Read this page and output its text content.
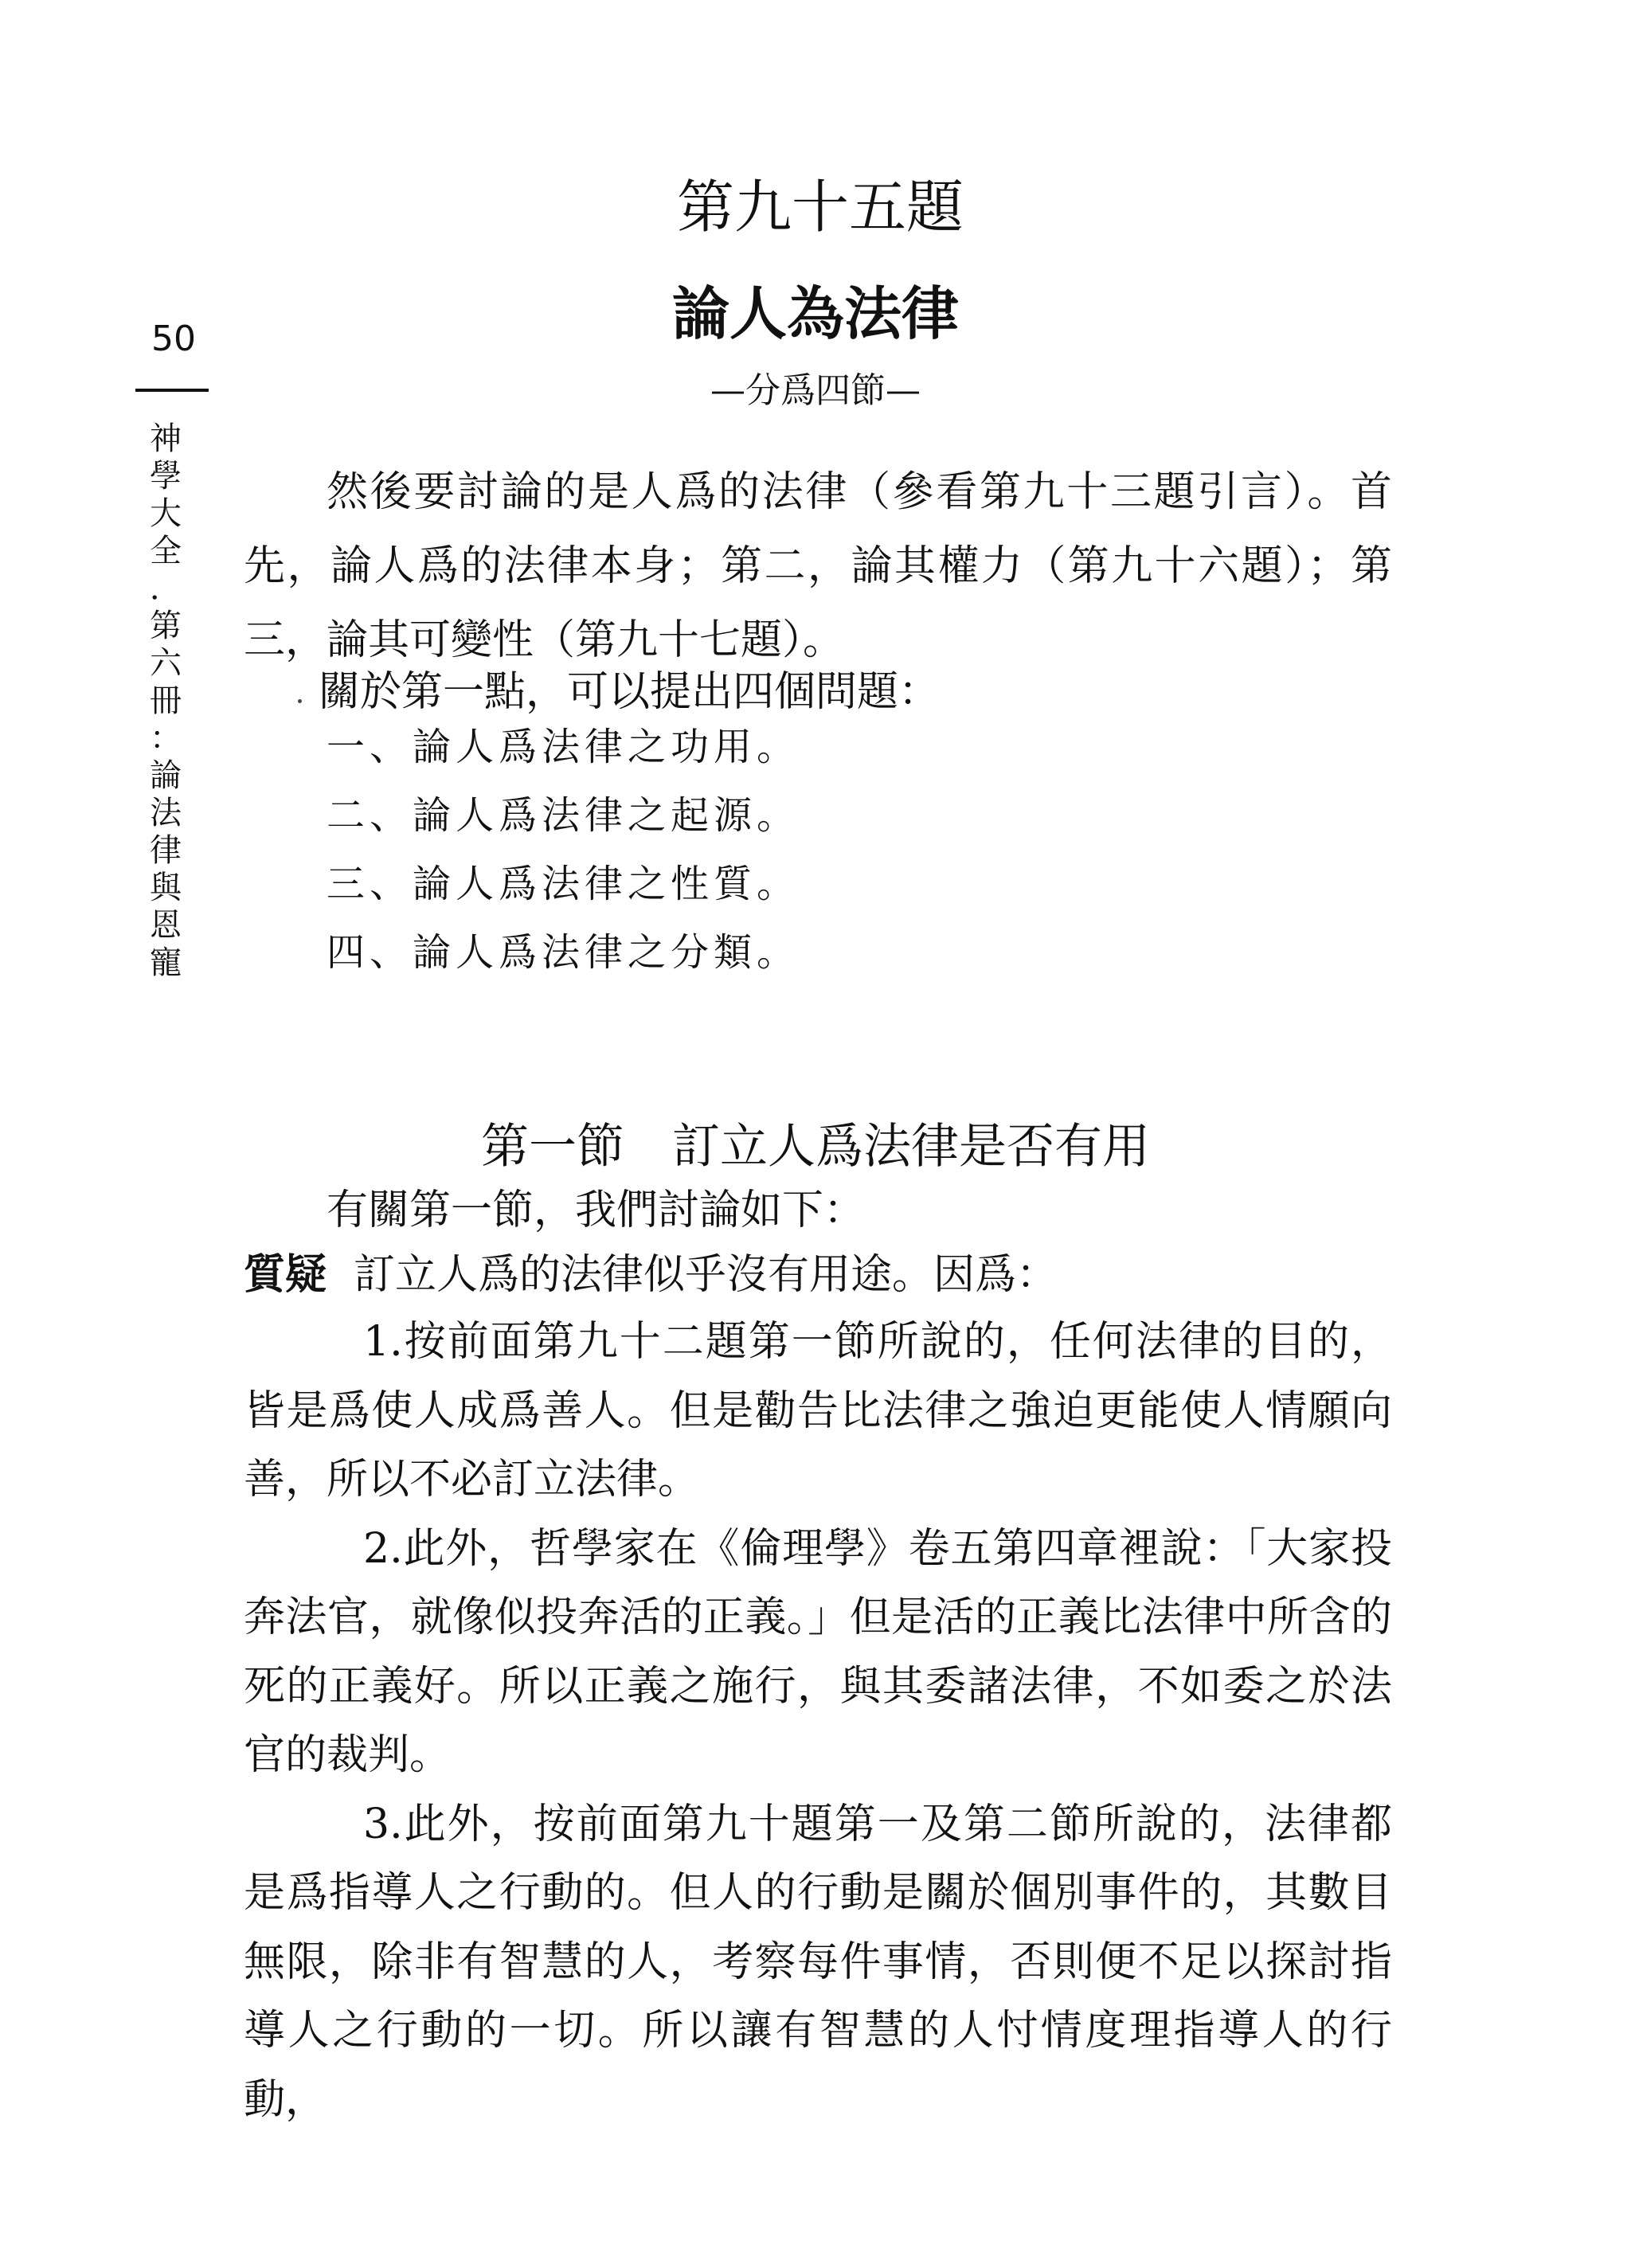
50
神
學
大
全
．
第
六
冊
：
論
法
律
與
恩
寵
第九十五題
論人為法律
—分爲四節—

然後要討論的是人爲的法律（參看第九十三題引言）。首先，論人爲的法律本身；第二，論其權力（第九十六題）；第三，論其可變性（第九十七題）。

關於第一點，可以提出四個問題：
一、論人爲法律之功用。
二、論人爲法律之起源。
三、論人爲法律之性質。
四、論人爲法律之分類。
第一節　訂立人爲法律是否有用
有關第一節，我們討論如下：
質疑 訂立人爲的法律似乎沒有用途。因爲：

1.按前面第九十二題第一節所說的，任何法律的目的，皆是爲使人成爲善人。但是勸告比法律之強迫更能使人情願向善，所以不必訂立法律。

2.此外，哲學家在《倫理學》卷五第四章裡說：「大家投奔法官，就像似投奔活的正義。」但是活的正義比法律中所含的死的正義好。所以正義之施行，與其委諸法律，不如委之於法官的裁判。

3.此外，按前面第九十題第一及第二節所說的，法律都是爲指導人之行動的。但人的行動是關於個別事件的，其數目無限，除非有智慧的人，考察每件事情，否則便不足以探討指導人之行動的一切。所以讓有智慧的人忖情度理指導人的行動，
